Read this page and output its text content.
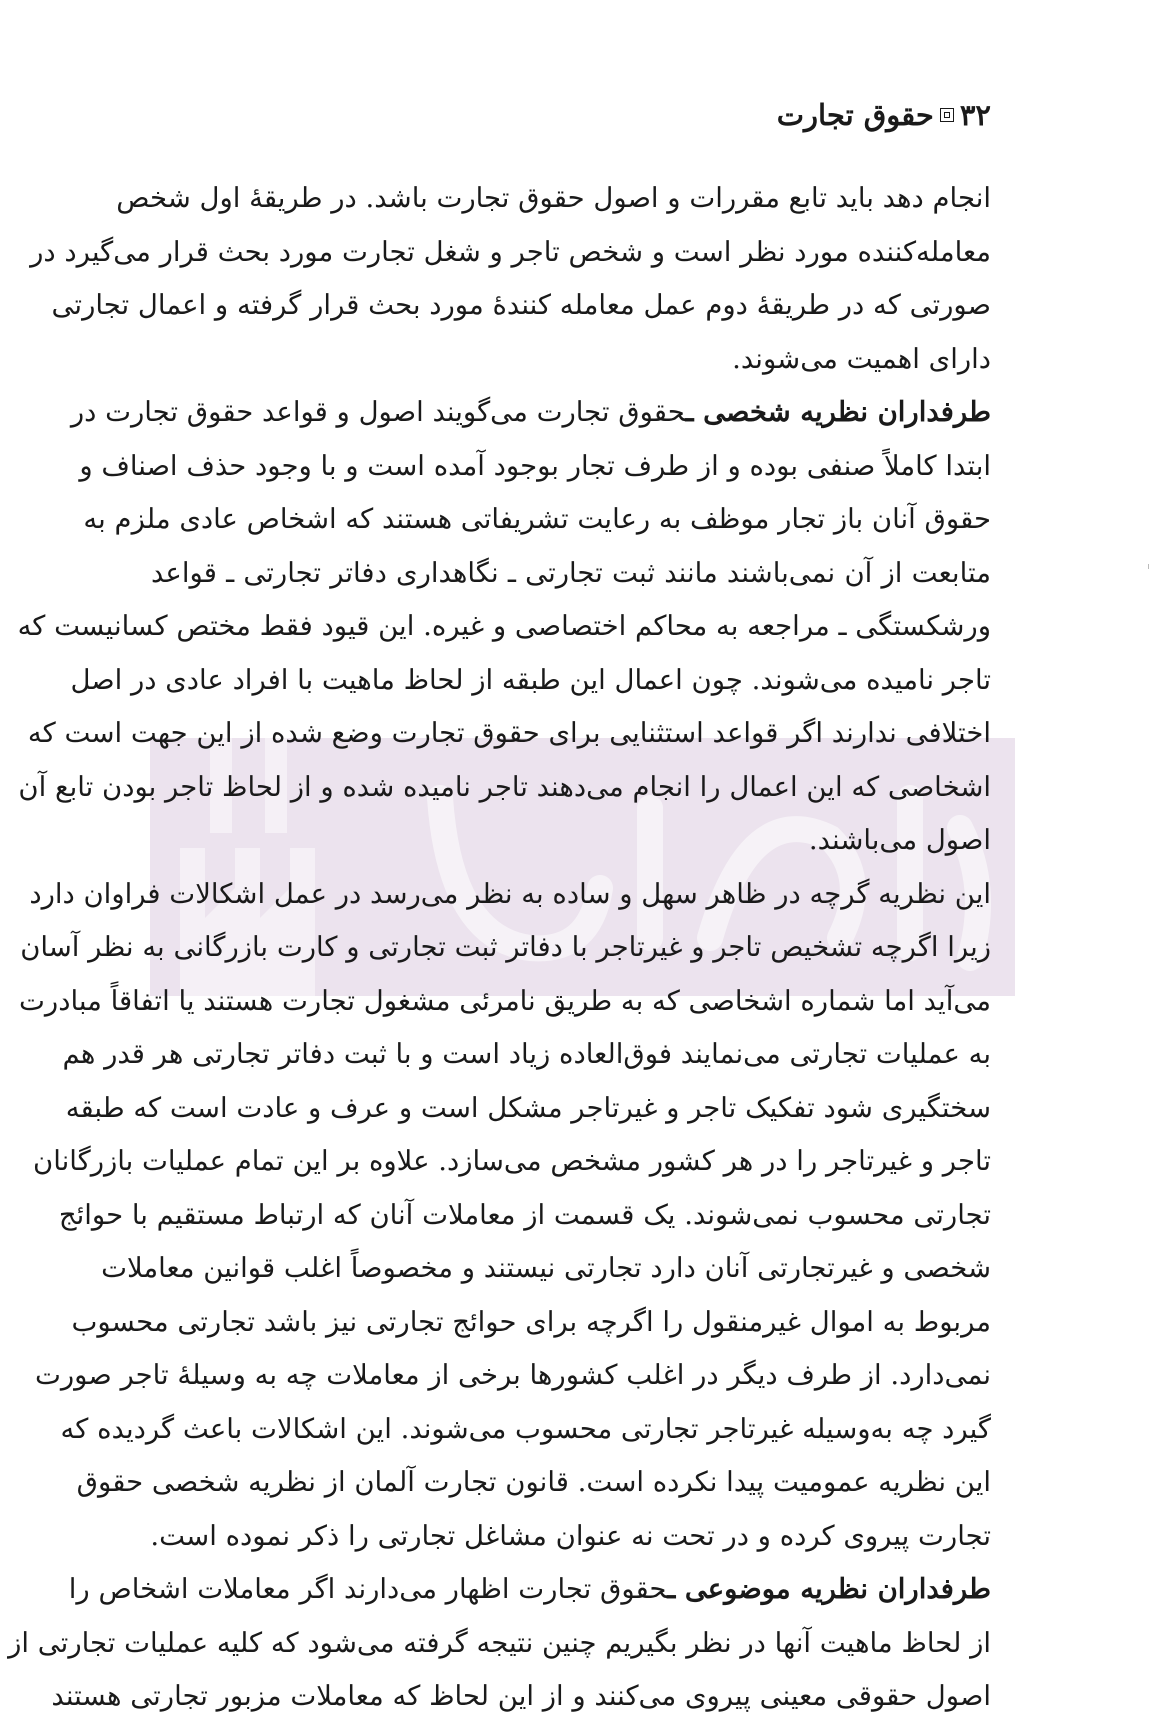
۳۲
حقوق تجارت
انجام دهد باید تابع مقررات و اصول حقوق تجارت باشد. در طریقهٔ اول شخص
معامله‌کننده مورد نظر است و شخص تاجر و شغل تجارت مورد بحث قرار می‌گیرد در
صورتی که در طریقهٔ دوم عمل معامله کنندهٔ مورد بحث قرار گرفته و اعمال تجارتی
دارای اهمیت می‌شوند.
طرفداران نظریه شخصی ـحقوق تجارت می‌گویند اصول و قواعد حقوق تجارت در
ابتدا کاملاً صنفی بوده و از طرف تجار بوجود آمده است و با وجود حذف اصناف و
حقوق آنان باز تجار موظف به رعایت تشریفاتی هستند که اشخاص عادی ملزم به
متابعت از آن نمی‌باشند مانند ثبت تجارتی ـ نگاهداری دفاتر تجارتی ـ قواعد
ورشکستگی ـ مراجعه به محاکم اختصاصی و غیره. این قیود فقط مختص کسانیست که
تاجر نامیده می‌شوند. چون اعمال این طبقه از لحاظ ماهیت با افراد عادی در اصل
اختلافی ندارند اگر قواعد استثنایی برای حقوق تجارت وضع شده از این جهت است که
اشخاصی که این اعمال را انجام می‌دهند تاجر نامیده شده و از لحاظ تاجر بودن تابع آن
اصول می‌باشند.
این نظریه گرچه در ظاهر سهل و ساده به نظر می‌رسد در عمل اشکالات فراوان دارد
زیرا اگرچه تشخیص تاجر و غیرتاجر با دفاتر ثبت تجارتی و کارت بازرگانی به نظر آسان
می‌آید اما شماره اشخاصی که به طریق نامرئی مشغول تجارت هستند یا اتفاقاً مبادرت
به عملیات تجارتی می‌نمایند فوق‌العاده زیاد است و با ثبت دفاتر تجارتی هر قدر هم
سختگیری شود تفکیک تاجر و غیرتاجر مشکل است و عرف و عادت است که طبقه
تاجر و غیرتاجر را در هر کشور مشخص می‌سازد. علاوه بر این تمام عملیات بازرگانان
تجارتی محسوب نمی‌شوند. یک قسمت از معاملات آنان که ارتباط مستقیم با حوائج
شخصی و غیرتجارتی آنان دارد تجارتی نیستند و مخصوصاً اغلب قوانین معاملات
مربوط به اموال غیرمنقول را اگرچه برای حوائج تجارتی نیز باشد تجارتی محسوب
نمی‌دارد. از طرف دیگر در اغلب کشورها برخی از معاملات چه به وسیلهٔ تاجر صورت
گیرد چه به‌وسیله غیرتاجر تجارتی محسوب می‌شوند. این اشکالات باعث گردیده که
این نظریه عمومیت پیدا نکرده است. قانون تجارت آلمان از نظریه شخصی حقوق
تجارت پیروی کرده و در تحت نه عنوان مشاغل تجارتی را ذکر نموده است.
طرفداران نظریه موضوعی ـحقوق تجارت اظهار می‌دارند اگر معاملات اشخاص را
از لحاظ ماهیت آنها در نظر بگیریم چنین نتیجه گرفته می‌شود که کلیه عملیات تجارتی از
اصول حقوقی معینی پیروی می‌کنند و از این لحاظ که معاملات مزبور تجارتی هستند
